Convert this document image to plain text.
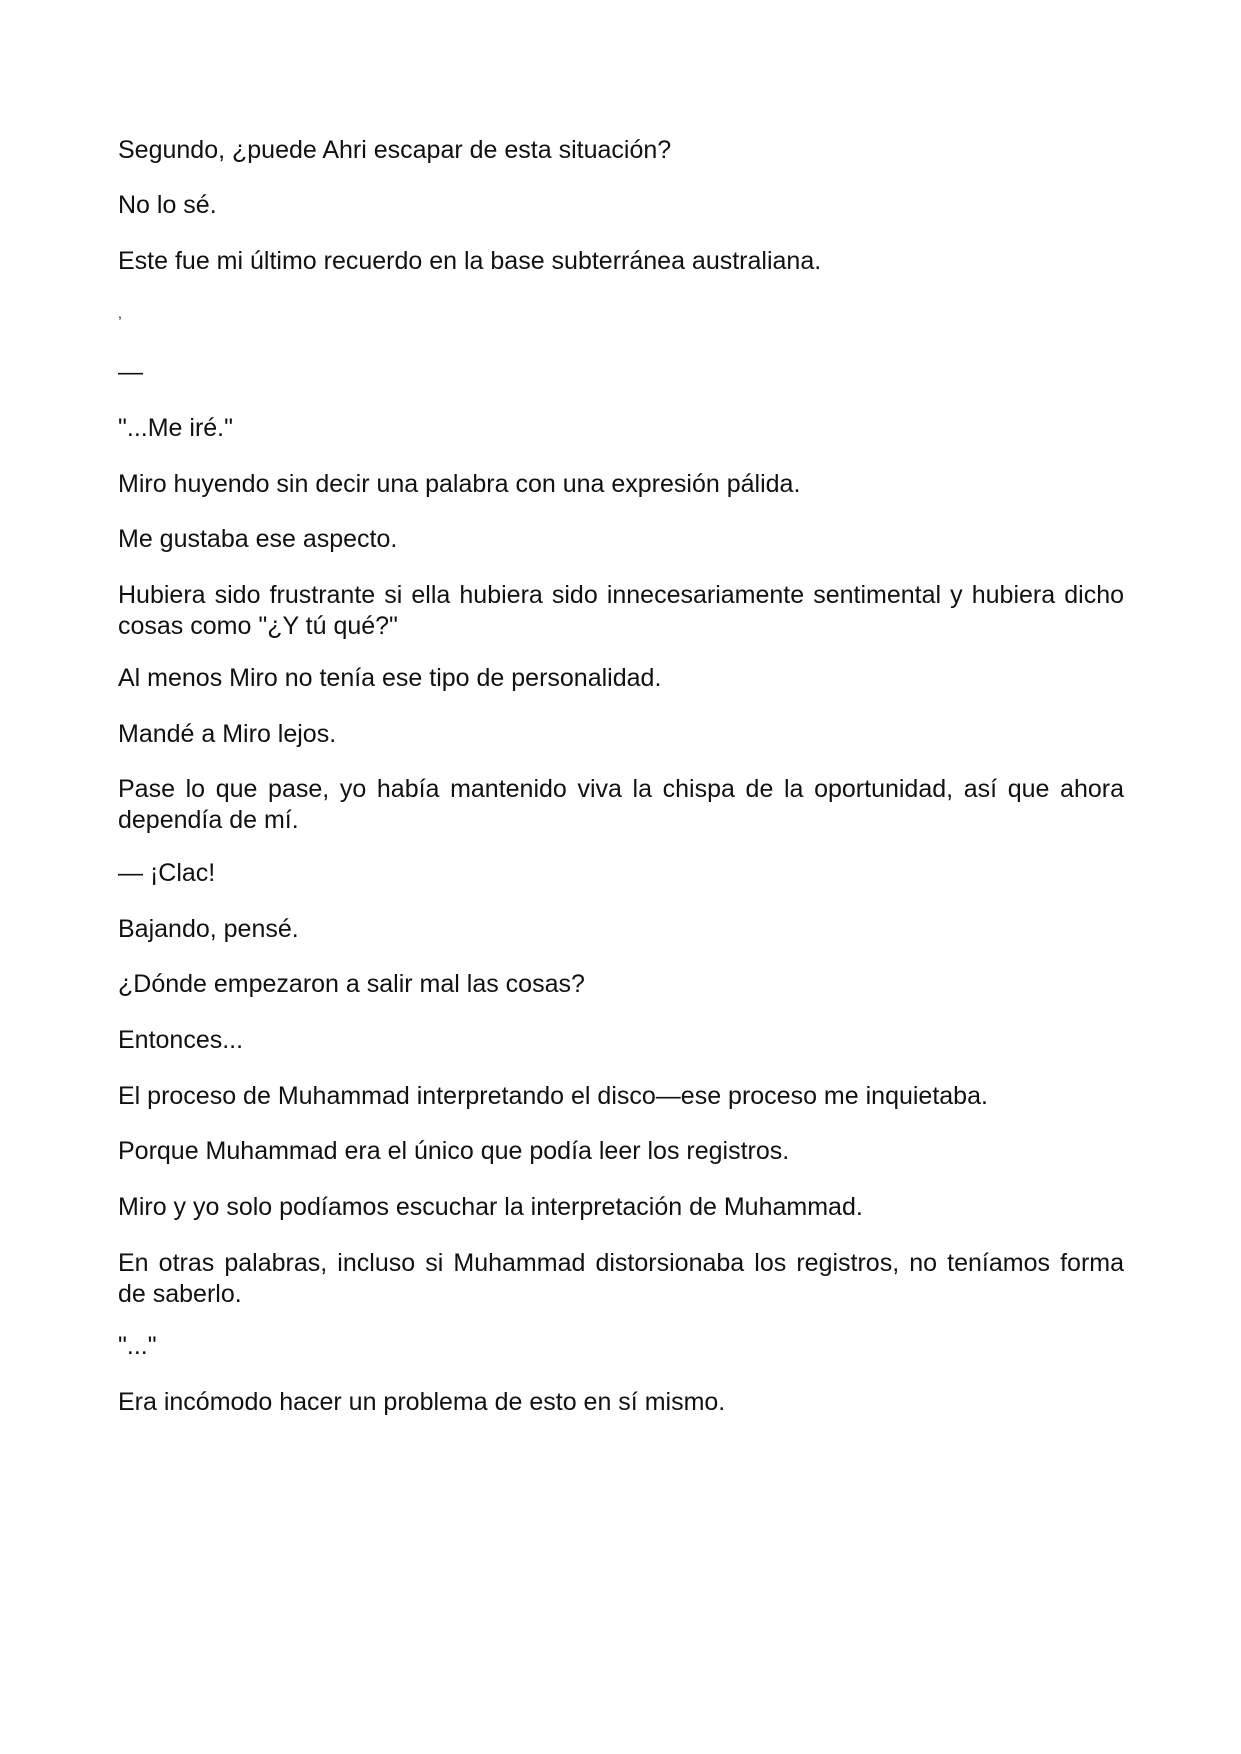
Segundo, ¿puede Ahri escapar de esta situación?

No lo sé.

Este fue mi último recuerdo en la base subterránea australiana.

,

—

"...Me iré."

Miro huyendo sin decir una palabra con una expresión pálida.

Me gustaba ese aspecto.

Hubiera sido frustrante si ella hubiera sido innecesariamente sentimental y hubiera dicho cosas como "¿Y tú qué?"

Al menos Miro no tenía ese tipo de personalidad.

Mandé a Miro lejos.

Pase lo que pase, yo había mantenido viva la chispa de la oportunidad, así que ahora dependía de mí.

— ¡Clac!

Bajando, pensé.

¿Dónde empezaron a salir mal las cosas?

Entonces...

El proceso de Muhammad interpretando el disco—ese proceso me inquietaba.

Porque Muhammad era el único que podía leer los registros.

Miro y yo solo podíamos escuchar la interpretación de Muhammad.

En otras palabras, incluso si Muhammad distorsionaba los registros, no teníamos forma de saberlo.

"..."

Era incómodo hacer un problema de esto en sí mismo.
